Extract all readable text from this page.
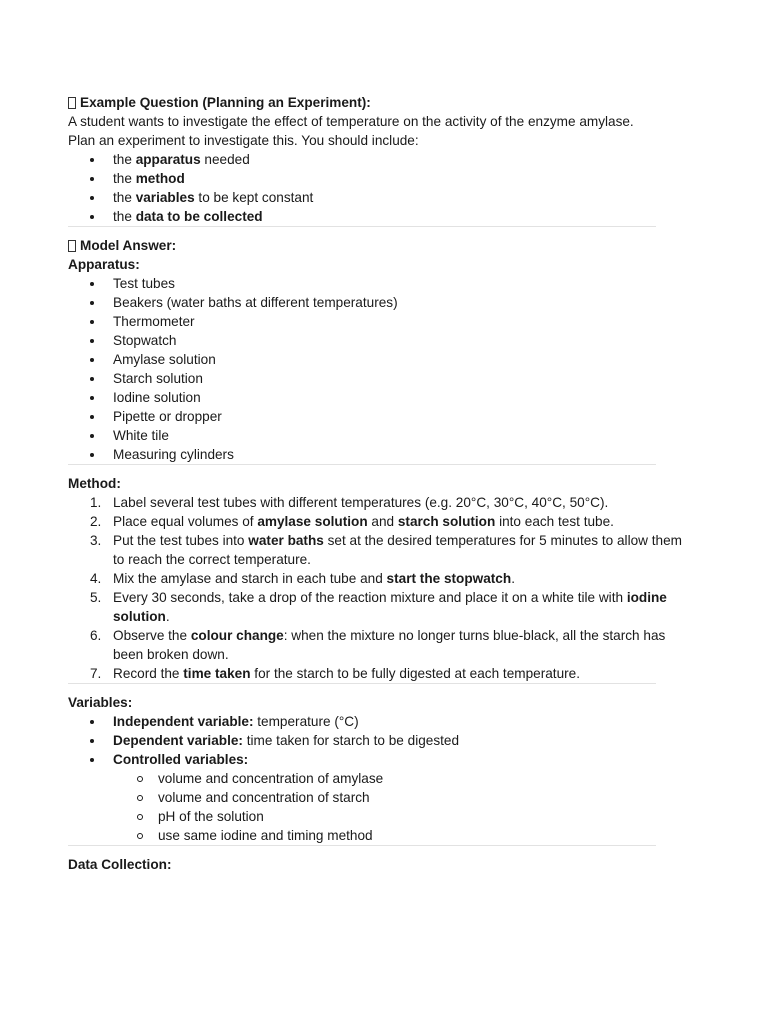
Example Question (Planning an Experiment):
A student wants to investigate the effect of temperature on the activity of the enzyme amylase.
Plan an experiment to investigate this. You should include:
the apparatus needed
the method
the variables to be kept constant
the data to be collected
Model Answer:
Apparatus:
Test tubes
Beakers (water baths at different temperatures)
Thermometer
Stopwatch
Amylase solution
Starch solution
Iodine solution
Pipette or dropper
White tile
Measuring cylinders
Method:
1. Label several test tubes with different temperatures (e.g. 20°C, 30°C, 40°C, 50°C).
2. Place equal volumes of amylase solution and starch solution into each test tube.
3. Put the test tubes into water baths set at the desired temperatures for 5 minutes to allow them
to reach the correct temperature.
4. Mix the amylase and starch in each tube and start the stopwatch.
5. Every 30 seconds, take a drop of the reaction mixture and place it on a white tile with iodine
solution.
6. Observe the colour change: when the mixture no longer turns blue-black, all the starch has
been broken down.
7. Record the time taken for the starch to be fully digested at each temperature.
Variables:
Independent variable: temperature (°C)
Dependent variable: time taken for starch to be digested
Controlled variables:
volume and concentration of amylase
volume and concentration of starch
pH of the solution
use same iodine and timing method
Data Collection:
